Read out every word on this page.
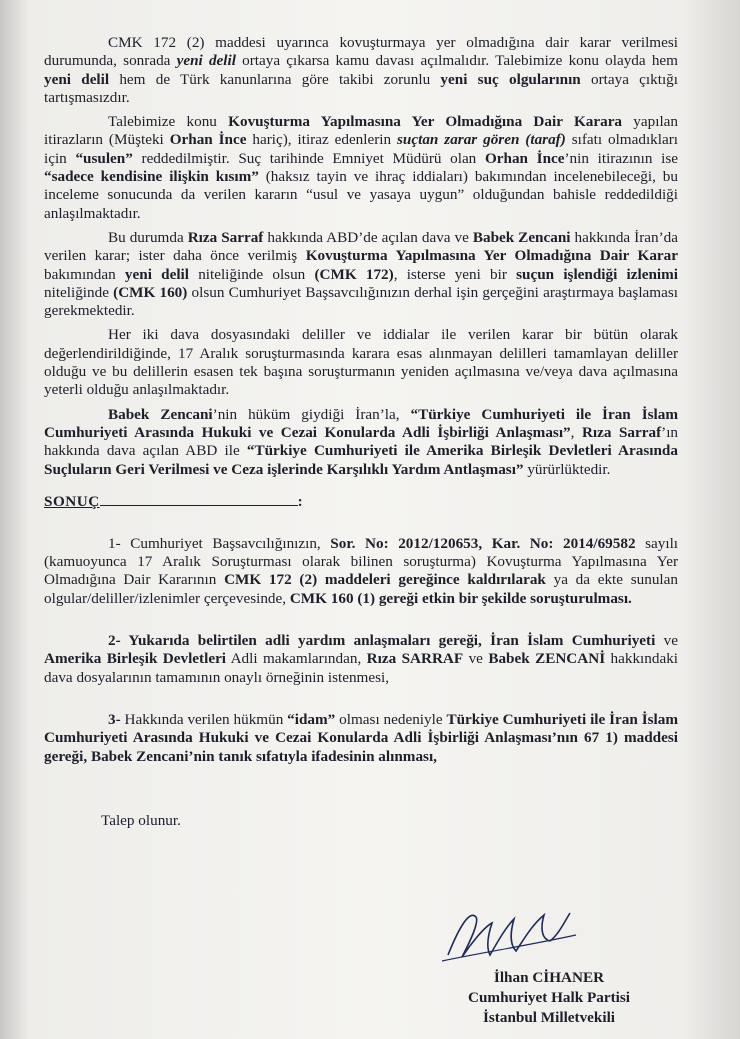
CMK 172 (2) maddesi uyarınca kovuşturmaya yer olmadığına dair karar verilmesi durumunda, sonrada yeni delil ortaya çıkarsa kamu davası açılmalıdır. Talebimize konu olayda hem yeni delil hem de Türk kanunlarına göre takibi zorunlu yeni suç olgularının ortaya çıktığı tartışmasızdır.

Talebimize konu Kovuşturma Yapılmasına Yer Olmadığına Dair Karara yapılan itirazların (Müşteki Orhan İnce hariç), itiraz edenlerin suçtan zarar gören (taraf) sıfatı olmadıkları için “usulen” reddedilmiştir. Suç tarihinde Emniyet Müdürü olan Orhan İnce’nin itirazının ise “sadece kendisine ilişkin kısım” (haksız tayin ve ihraç iddiaları) bakımından incelenebileceği, bu inceleme sonucunda da verilen kararın “usul ve yasaya uygun” olduğundan bahisle reddedildiği anlaşılmaktadır.

Bu durumda Rıza Sarraf hakkında ABD’de açılan dava ve Babek Zencani hakkında İran’da verilen karar; ister daha önce verilmiş Kovuşturma Yapılmasına Yer Olmadığına Dair Karar bakımından yeni delil niteliğinde olsun (CMK 172), isterse yeni bir suçun işlendiği izlenimi niteliğinde (CMK 160) olsun Cumhuriyet Başsavcılığınızın derhal işin gerçeğini araştırmaya başlaması gerekmektedir.

Her iki dava dosyasındaki deliller ve iddialar ile verilen karar bir bütün olarak değerlendirildiğinde, 17 Aralık soruşturmasında karara esas alınmayan delilleri tamamlayan deliller olduğu ve bu delillerin esasen tek başına soruşturmanın yeniden açılmasına ve/veya dava açılmasına yeterli olduğu anlaşılmaktadır.

Babek Zencani’nin hüküm giydiği İran’la, “Türkiye Cumhuriyeti ile İran İslam Cumhuriyeti Arasında Hukuki ve Cezai Konularda Adli İşbirliği Anlaşması”, Rıza Sarraf’ın hakkında dava açılan ABD ile “Türkiye Cumhuriyeti ile Amerika Birleşik Devletleri Arasında Suçluların Geri Verilmesi ve Ceza işlerinde Karşılıklı Yardım Antlaşması” yürürlüktedir.

SONUÇ	:

1- Cumhuriyet Başsavcılığınızın, Sor. No: 2012/120653, Kar. No: 2014/69582 sayılı (kamuoyunca 17 Aralık Soruşturması olarak bilinen soruşturma) Kovuşturma Yapılmasına Yer Olmadığına Dair Kararının CMK 172 (2) maddeleri gereğince kaldırılarak ya da ekte sunulan olgular/deliller/izlenimler çerçevesinde, CMK 160 (1) gereği etkin bir şekilde soruşturulması.

2- Yukarıda belirtilen adli yardım anlaşmaları gereği, İran İslam Cumhuriyeti ve Amerika Birleşik Devletleri Adli makamlarından, Rıza SARRAF ve Babek ZENCANİ hakkındaki dava dosyalarının tamamının onaylı örneğinin istenmesi,

3- Hakkında verilen hükmün “idam” olması nedeniyle Türkiye Cumhuriyeti ile İran İslam Cumhuriyeti Arasında Hukuki ve Cezai Konularda Adli İşbirliği Anlaşması’nın 67 1) maddesi gereği, Babek Zencani’nin tanık sıfatıyla ifadesinin alınması,

Talep olunur.
İlhan CİHANER
Cumhuriyet Halk Partisi
İstanbul Milletvekili
